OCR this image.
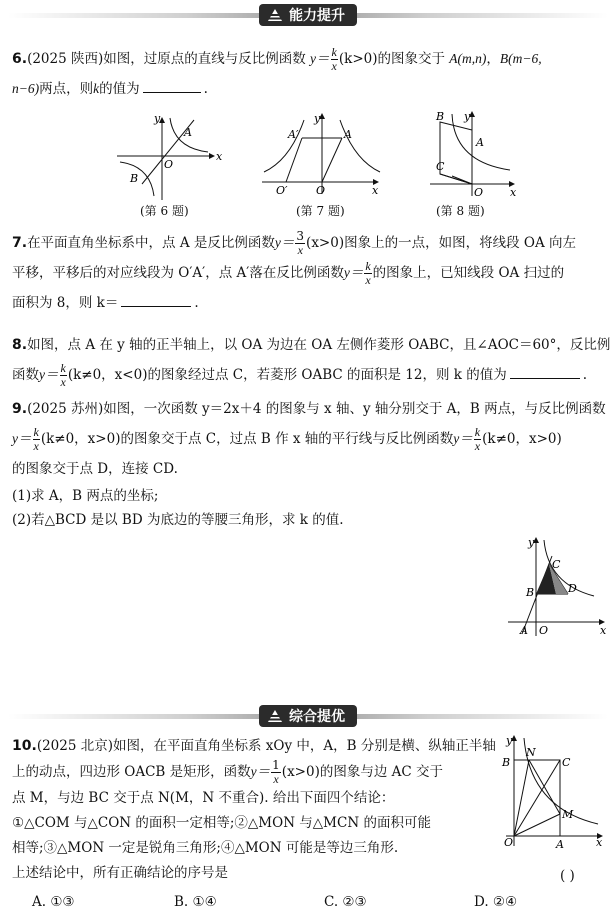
能力提升
6.(2025 陕西)如图，过原点的直线与反比例函数 $y= \frac{k}{x} (k>0)$的图象交于 A(m,n)，B(m−6,
n−6)两点，则k的值为	.
x
y
O
A
B
(第 6 题)
x
y
O
O′
A′	A
(第 7 题)
x
y
O
B
A
C
(第 8 题)
7.在平面直角坐标系中，点 A 是反比例函数$y= \frac{3}{x} (x>0)$图象上的一点，如图，将线段 OA 向左
平移，平移后的对应线段为 O′A′，点 A′落在反比例函数$y= \frac{k}{x}$ 的图象上，已知线段 OA 扫过的
面积为 8，则 k＝	.
8.如图，点 A 在 y 轴的正半轴上，以 OA 为边在 OA 左侧作菱形 OABC，且∠AOC＝60°，反比例
函数$y= \frac{k}{x} (k\ne 0$，x<0)的图象经过点 C，若菱形 OABC 的面积是 12，则 k 的值为	.
9.(2025 苏州)如图，一次函数 y＝2x＋4 的图象与 x 轴、y 轴分别交于 A，B 两点，与反比例函数
$y= \frac{k}{x} (k\ne 0$，x>0)的图象交于点 C，过点 B 作 x 轴的平行线与反比例函数$y= \frac{k}{x} (k\ne 0$，x>0)
的图象交于点 D，连接 CD.
(1)求 A，B 两点的坐标;
(2)若△BCD 是以 BD 为底边的等腰三角形，求 k 的值.
x
y
O
A
B
C
D
综合提优
10.(2025 北京)如图，在平面直角坐标系 xOy 中，A，B 分别是横、纵轴正半轴
上的动点，四边形 OACB 是矩形，函数$y= \frac{1}{x} (x>0)$的图象与边 AC 交于
点 M，与边 BC 交于点 N(M，N 不重合). 给出下面四个结论：
①△COM 与△CON 的面积一定相等;②△MON 与△MCN 的面积可能
相等;③△MON 一定是锐角三角形;④△MON 可能是等边三角形.
上述结论中，所有正确结论的序号是	( )
A. ①③	B. ①④	C. ②③	D. ②④
x
y
O	A
B	C
N
M
